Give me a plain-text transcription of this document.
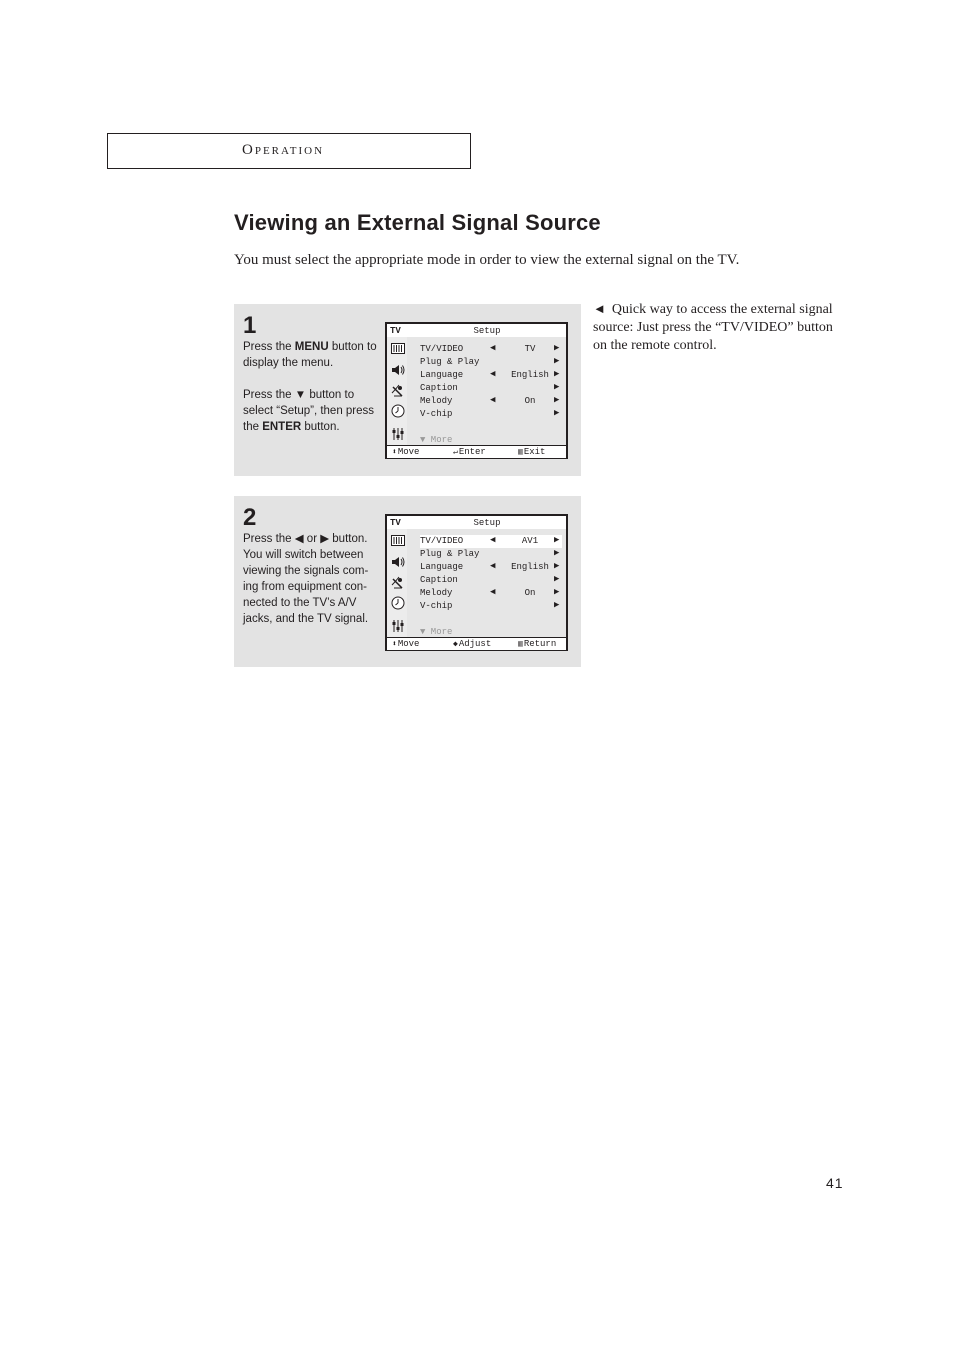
Operation
Viewing an External Signal Source

You must select the appropriate mode in order to view the external signal on the TV.

1

Press the MENU button to display the menu.

Press the ▼ button to select “Setup”, then press the ENTER button.

TV	Setup
TV/VIDEO	◀	TV	▶
Plug & Play	▶
Language	◀	English ▶
Caption	▶
Melody	◀	On	▶
V-chip	▶
▼ More
⬍Move	↵Enter	▥Exit
2

Press the ◀ or ▶ button. You will switch between viewing the signals com-ing from equipment con-nected to the TV’s A/V jacks, and the TV signal.

TV	Setup
TV/VIDEO	◀	AV1	▶
Plug & Play	▶
Language	◀	English ▶
Caption	▶
Melody	◀	On	▶
V-chip	▶
▼ More
⬍Move	◆Adjust	▥Return

◄ Quick way to access the external signal source: Just press the “TV/VIDEO” button on the remote control.

41
